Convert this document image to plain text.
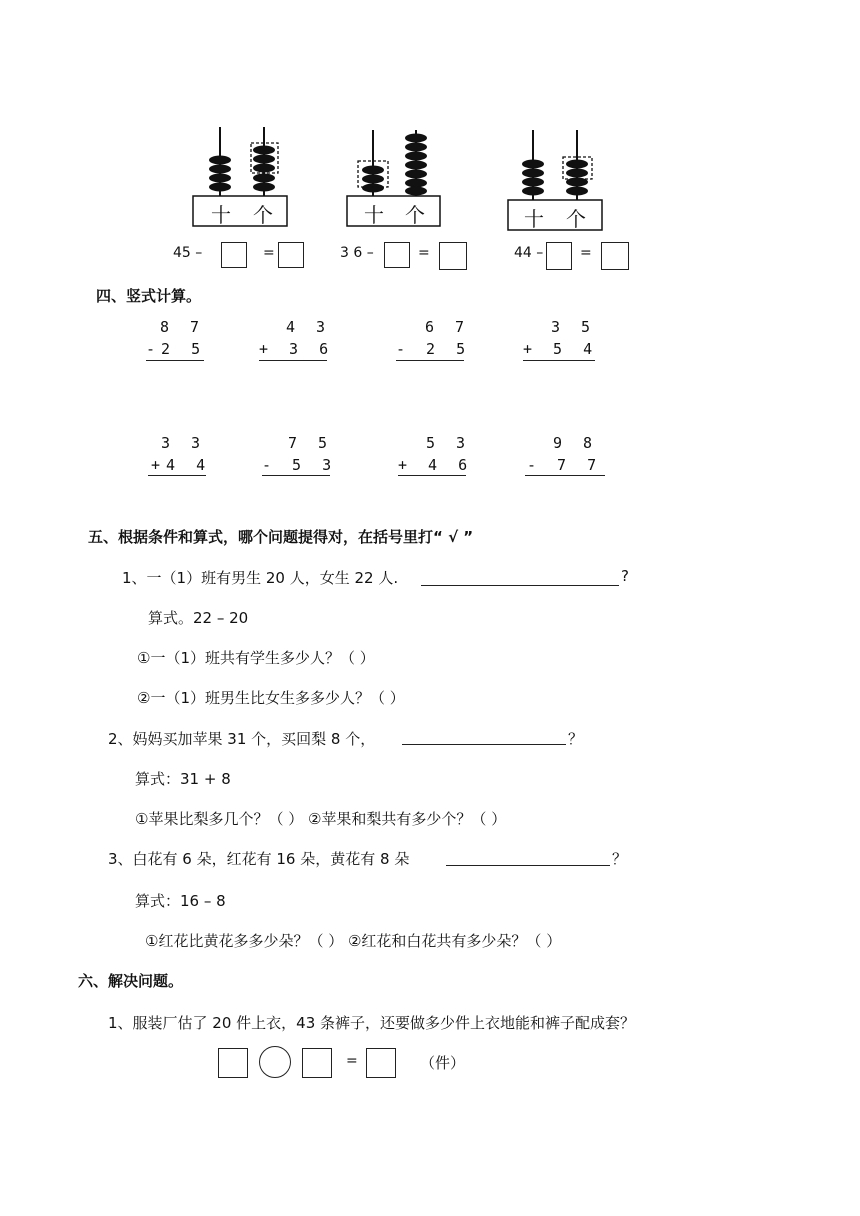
十 个	十 个	十 个
45 –	=	3 6 –	=	44 –	=
四、竖式计算。
8 7
-2 5
4 3
+ 3 6
6 7
- 2 5
3 5
+ 5 4
3 3
+4 4
7 5
- 5 3
5 3
+ 4 6
9 8
- 7 7
五、根据条件和算式，哪个问题提得对，在括号里打“ √ ”
1、一（1）班有男生 20 人，女生 22 人.	?
算式。22 – 20
①一（1）班共有学生多少人？（ ）
②一（1）班男生比女生多多少人？（ ）
2、妈妈买加苹果 31 个，买回梨 8 个，	？
算式：31 + 8
①苹果比梨多几个？（ ） ②苹果和梨共有多少个？（ ）
3、白花有 6 朵，红花有 16 朵，黄花有 8 朵	？
算式：16 – 8
①红花比黄花多多少朵？（ ） ②红花和白花共有多少朵？（ ）
六、解决问题。
1、服装厂估了 20 件上衣，43 条裤子，还要做多少件上衣地能和裤子配成套？
=	（件）
